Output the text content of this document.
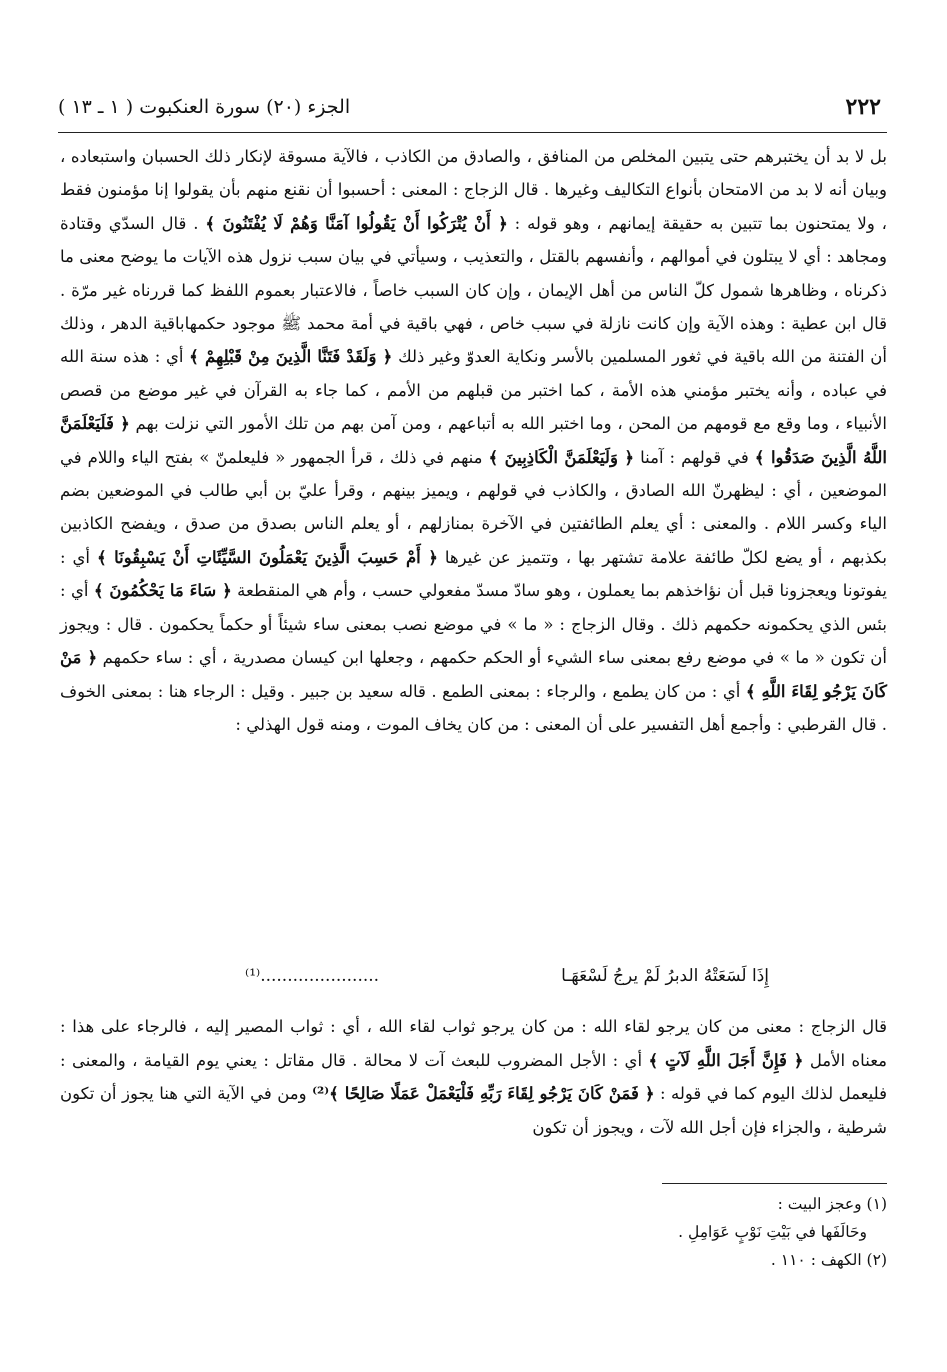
٢٢٢
الجزء (٢٠) سورة العنكبوت ( ١ ـ ١٣ )

بل لا بد أن يختبرهم حتى يتبين المخلص من المنافق ، والصادق من الكاذب ، فالآية مسوقة لإنكار ذلك الحسبان واستبعاده ، وبيان أنه لا بد من الامتحان بأنواع التكاليف وغيرها . قال الزجاج : المعنى : أحسبوا أن نقنع منهم بأن يقولوا إنا مؤمنون فقط ، ولا يمتحنون بما تتبين به حقيقة إيمانهم ، وهو قوله : ﴿ أَنْ يُتْرَكُوا أَنْ يَقُولُوا آمَنَّا وَهُمْ لَا يُفْتَنُونَ ﴾ . قال السدّي وقتادة ومجاهد : أي لا يبتلون في أموالهم ، وأنفسهم بالقتل ، والتعذيب ، وسيأتي في بيان سبب نزول هذه الآيات ما يوضح معنى ما ذكرناه ، وظاهرها شمول كلّ الناس من أهل الإيمان ، وإن كان السبب خاصاً ، فالاعتبار بعموم اللفظ كما قررناه غير مرّة . قال ابن عطية : وهذه الآية وإن كانت نازلة في سبب خاص ، فهي باقية في أمة محمد ﷺ موجود حكمهاباقية الدهر ، وذلك أن الفتنة من الله باقية في ثغور المسلمين بالأسر ونكاية العدوّ وغير ذلك ﴿ وَلَقَدْ فَتَنَّا الَّذِينَ مِنْ قَبْلِهِمْ ﴾ أي : هذه سنة الله في عباده ، وأنه يختبر مؤمني هذه الأمة ، كما اختبر من قبلهم من الأمم ، كما جاء به القرآن في غير موضع من قصص الأنبياء ، وما وقع مع قومهم من المحن ، وما اختبر الله به أتباعهم ، ومن آمن بهم من تلك الأمور التي نزلت بهم ﴿ فَلَيَعْلَمَنَّ اللَّهُ الَّذِينَ صَدَقُوا ﴾ في قولهم : آمنا ﴿ وَلَيَعْلَمَنَّ الْكَاذِبِينَ ﴾ منهم في ذلك ، قرأ الجمهور « فليعلمنّ » بفتح الياء واللام في الموضعين ، أي : ليظهرنّ الله الصادق ، والكاذب في قولهم ، ويميز بينهم ، وقرأ عليّ بن أبي طالب في الموضعين بضم الياء وكسر اللام . والمعنى : أي يعلم الطائفتين في الآخرة بمنازلهم ، أو يعلم الناس بصدق من صدق ، ويفضح الكاذبين بكذبهم ، أو يضع لكلّ طائفة علامة تشتهر بها ، وتتميز عن غيرها ﴿ أَمْ حَسِبَ الَّذِينَ يَعْمَلُونَ السَّيِّئَاتِ أَنْ يَسْبِقُونَا ﴾ أي : يفوتونا ويعجزونا قبل أن نؤاخذهم بما يعملون ، وهو سادّ مسدّ مفعولي حسب ، وأم هي المنقطعة ﴿ سَاءَ مَا يَحْكُمُونَ ﴾ أي : بئس الذي يحكمونه حكمهم ذلك . وقال الزجاج : « ما » في موضع نصب بمعنى ساء شيئاً أو حكماً يحكمون . قال : ويجوز أن تكون « ما » في موضع رفع بمعنى ساء الشيء أو الحكم حكمهم ، وجعلها ابن كيسان مصدرية ، أي : ساء حكمهم ﴿ مَنْ كَانَ يَرْجُو لِقَاءَ اللَّهِ ﴾ أي : من كان يطمع ، والرجاء : بمعنى الطمع . قاله سعيد بن جبير . وقيل : الرجاء هنا : بمعنى الخوف . قال القرطبي : وأجمع أهل التفسير على أن المعنى : من كان يخاف الموت ، ومنه قول الهذلي :

إِذَا لَسَعَتْهُ الدبرُ لَمْ يرجُ لَسْعَهَـا
......................⁽¹⁾

قال الزجاج : معنى من كان يرجو لقاء الله : من كان يرجو ثواب لقاء الله ، أي : ثواب المصير إليه ، فالرجاء على هذا : معناه الأمل ﴿ فَإِنَّ أَجَلَ اللَّهِ لَآتٍ ﴾ أي : الأجل المضروب للبعث آت لا محالة . قال مقاتل : يعني يوم القيامة ، والمعنى : فليعمل لذلك اليوم كما في قوله : ﴿ فَمَنْ كَانَ يَرْجُو لِقَاءَ رَبِّهِ فَلْيَعْمَلْ عَمَلًا صَالِحًا ﴾⁽²⁾ ومن في الآية التي هنا يجوز أن تكون شرطية ، والجزاء فإن أجل الله لآت ، ويجوز أن تكون

(١) وعجز البيت :
وحَالَفَها في بَيْتِ نَوْبٍ عَوَامِلِ .
(٢) الكهف : ١١٠ .
